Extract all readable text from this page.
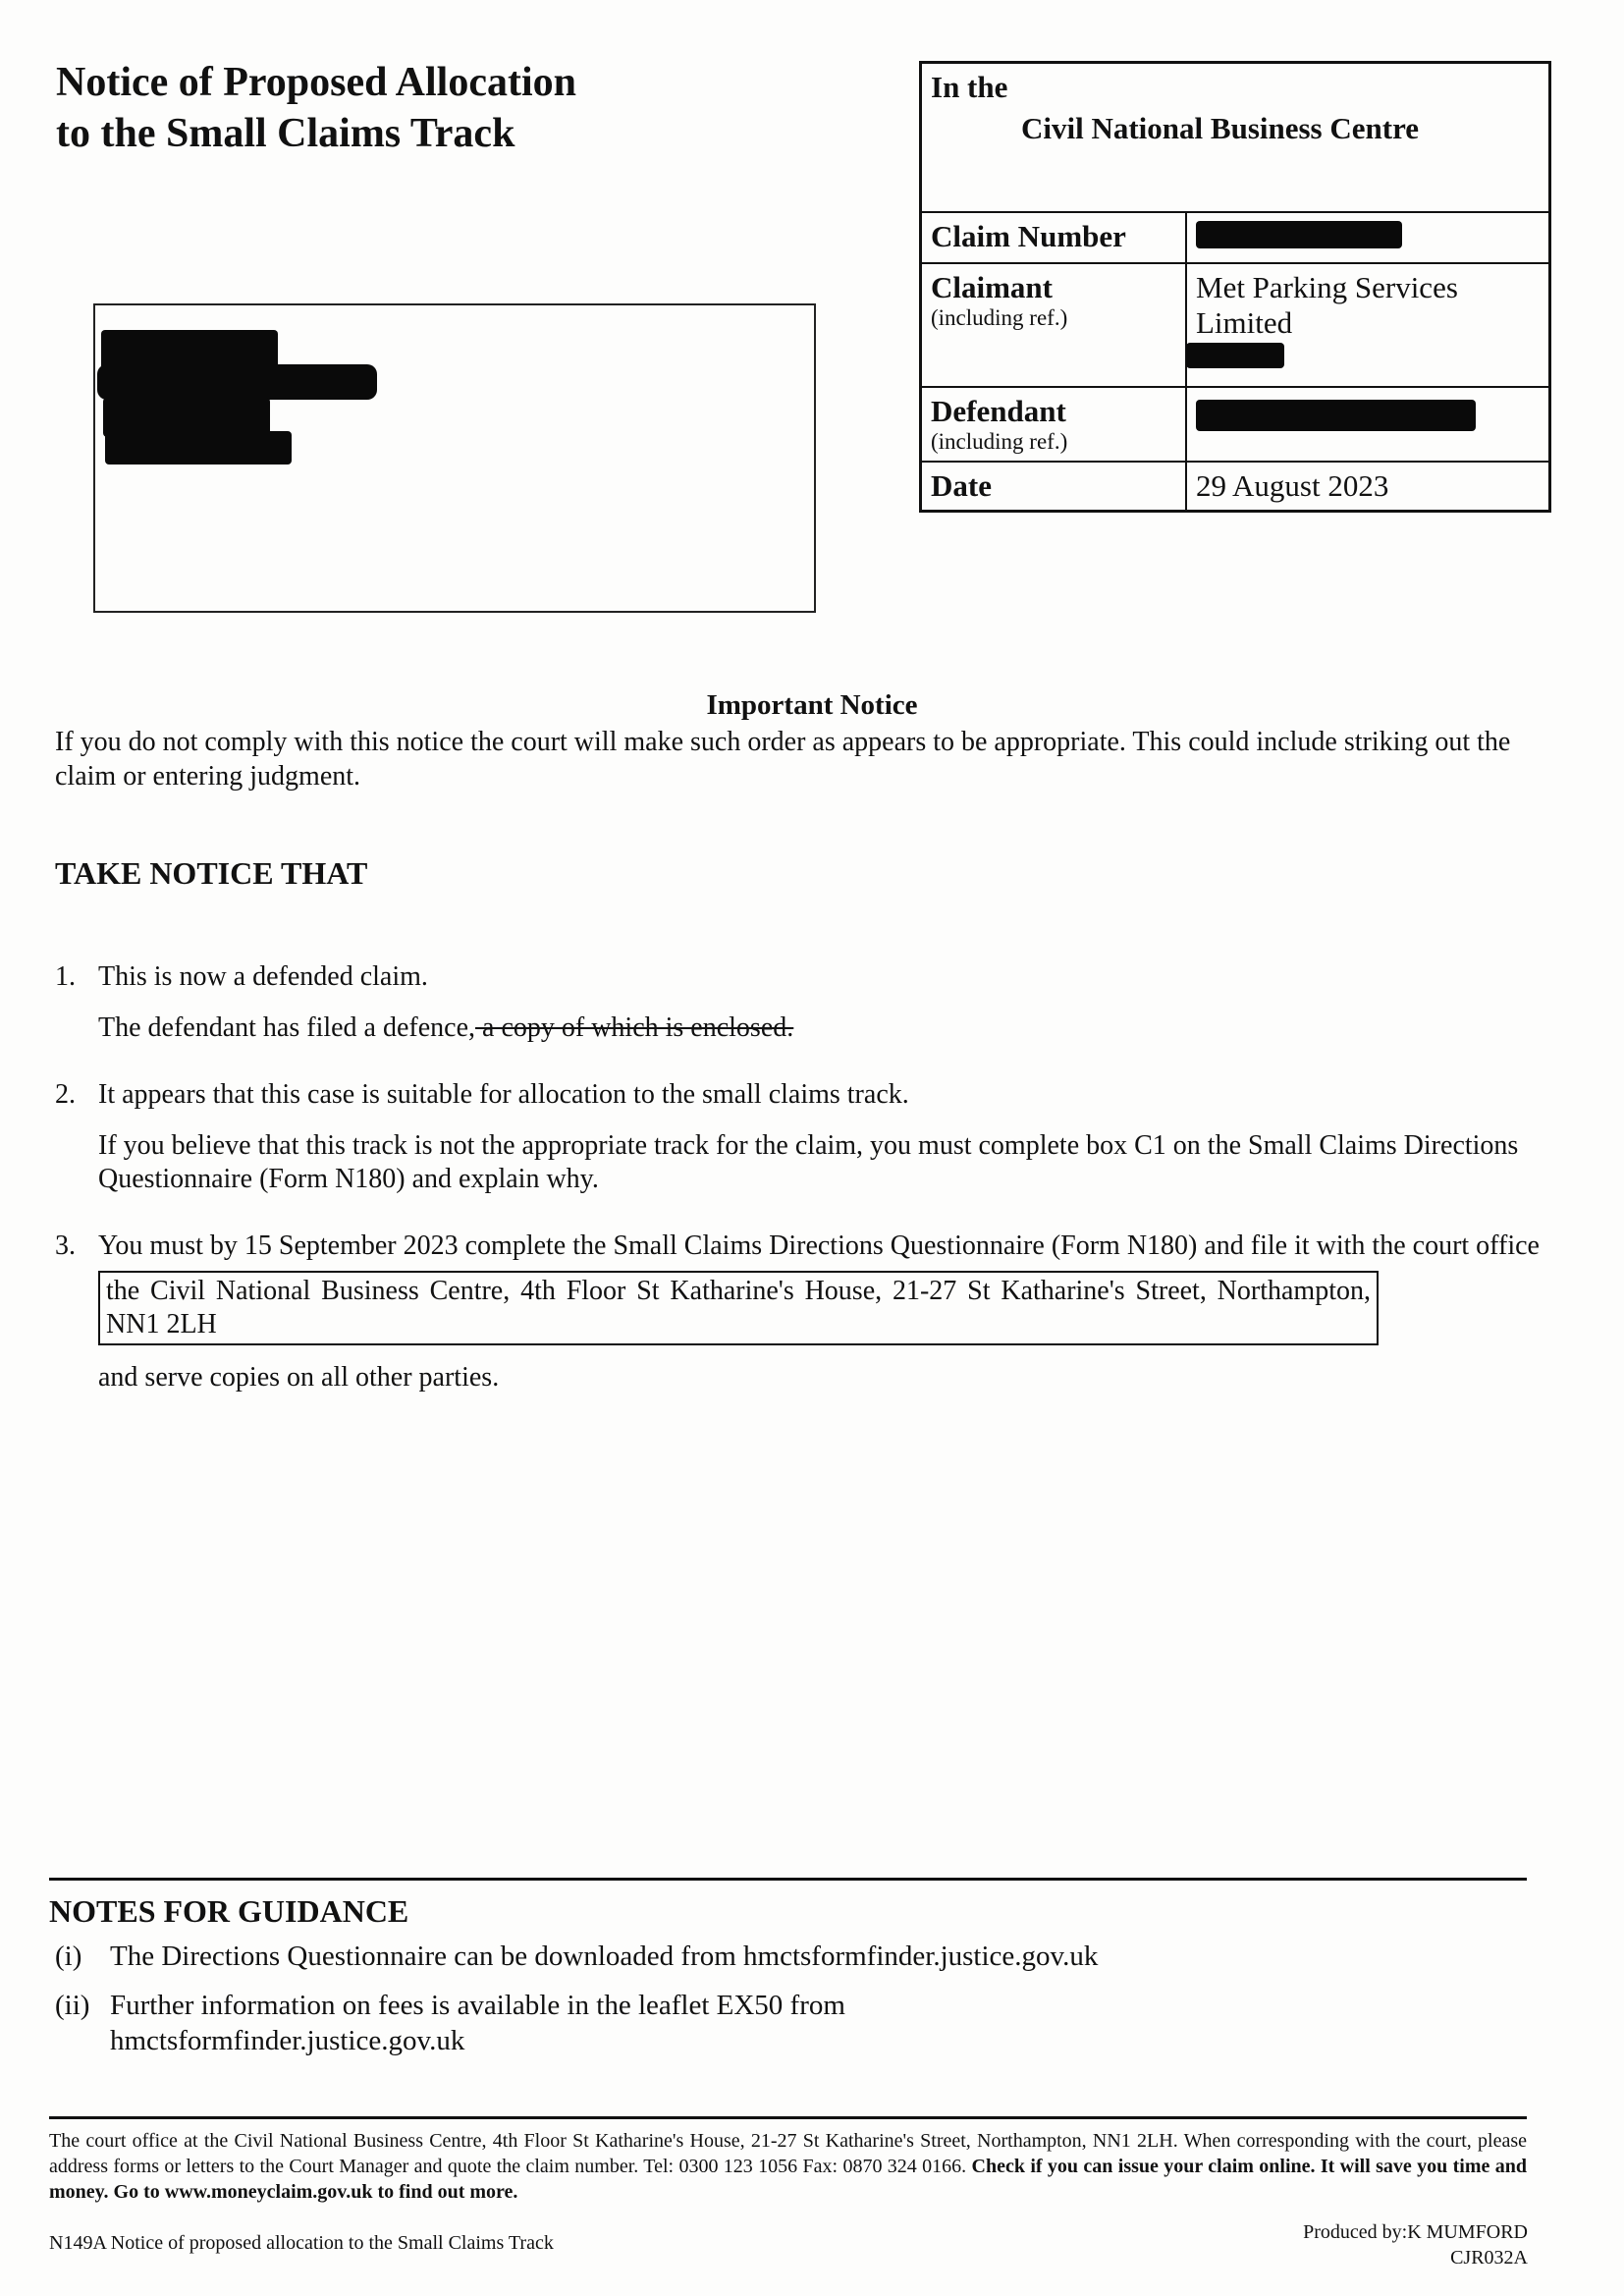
Notice of Proposed Allocation
to the Small Claims Track
In the
Civil National Business Centre	

Claim Number	
Claimant
(including ref.)	Met Parking Services Limited

Defendant
(including ref.)	

Date	29 August 2023
Important Notice
If you do not comply with this notice the court will make such order as appears to be appropriate. This could include striking out the claim or entering judgment.
TAKE NOTICE THAT
1. This is now a defended claim.

The defendant has filed a defence, a copy of which is enclosed.

2. It appears that this case is suitable for allocation to the small claims track.

If you believe that this track is not the appropriate track for the claim, you must complete box C1 on the Small Claims Directions Questionnaire (Form N180) and explain why.

3. You must by 15 September 2023 complete the Small Claims Directions Questionnaire (Form N180) and file it with the court office

the Civil National Business Centre, 4th Floor St Katharine's House, 21-27 St Katharine's Street, Northampton, NN1 2LH

and serve copies on all other parties.

NOTES FOR GUIDANCE
(i) The Directions Questionnaire can be downloaded from hmctsformfinder.justice.gov.uk
(ii) Further information on fees is available in the leaflet EX50 from hmctsformfinder.justice.gov.uk
The court office at the Civil National Business Centre, 4th Floor St Katharine's House, 21-27 St Katharine's Street, Northampton, NN1 2LH. When corresponding with the court, please address forms or letters to the Court Manager and quote the claim number. Tel: 0300 123 1056 Fax: 0870 324 0166. Check if you can issue your claim online. It will save you time and money. Go to www.moneyclaim.gov.uk to find out more.
N149A Notice of proposed allocation to the Small Claims Track	Produced by:K MUMFORD
CJR032A
